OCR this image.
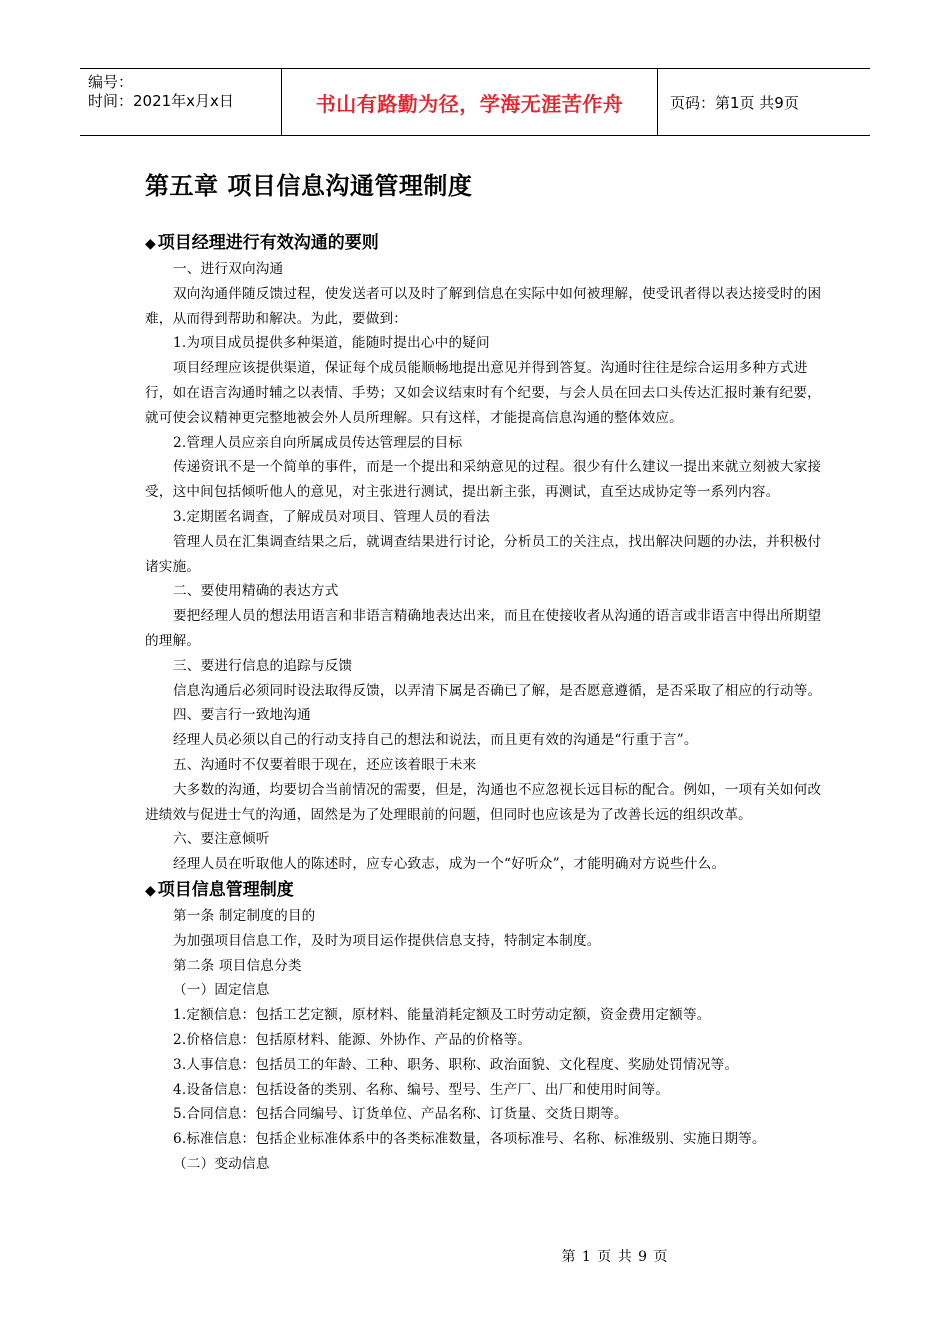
编号：
时间：2021年x月x日	书山有路勤为径，学海无涯苦作舟	页码：第1页 共9页
第五章 项目信息沟通管理制度
◆ 项目经理进行有效沟通的要则

一、进行双向沟通

双向沟通伴随反馈过程，使发送者可以及时了解到信息在实际中如何被理解，使受讯者得以表达接受时的困难，从而得到帮助和解决。为此，要做到：

1.为项目成员提供多种渠道，能随时提出心中的疑问

项目经理应该提供渠道，保证每个成员能顺畅地提出意见并得到答复。沟通时往往是综合运用多种方式进行，如在语言沟通时辅之以表情、手势；又如会议结束时有个纪要，与会人员在回去口头传达汇报时兼有纪要，就可使会议精神更完整地被会外人员所理解。只有这样，才能提高信息沟通的整体效应。

2.管理人员应亲自向所属成员传达管理层的目标

传递资讯不是一个简单的事件，而是一个提出和采纳意见的过程。很少有什么建议一提出来就立刻被大家接受，这中间包括倾听他人的意见，对主张进行测试，提出新主张，再测试，直至达成协定等一系列内容。

3.定期匿名调查，了解成员对项目、管理人员的看法

管理人员在汇集调查结果之后，就调查结果进行讨论，分析员工的关注点，找出解决问题的办法，并积极付诸实施。

二、要使用精确的表达方式

要把经理人员的想法用语言和非语言精确地表达出来，而且在使接收者从沟通的语言或非语言中得出所期望的理解。

三、要进行信息的追踪与反馈

信息沟通后必须同时设法取得反馈，以弄清下属是否确已了解，是否愿意遵循，是否采取了相应的行动等。

四、要言行一致地沟通

经理人员必须以自己的行动支持自己的想法和说法，而且更有效的沟通是“行重于言”。

五、沟通时不仅要着眼于现在，还应该着眼于未来

大多数的沟通，均要切合当前情况的需要，但是，沟通也不应忽视长远目标的配合。例如，一项有关如何改进绩效与促进士气的沟通，固然是为了处理眼前的问题，但同时也应该是为了改善长远的组织改革。

六、要注意倾听

经理人员在听取他人的陈述时，应专心致志，成为一个“好听众”，才能明确对方说些什么。

◆ 项目信息管理制度

第一条 制定制度的目的

为加强项目信息工作，及时为项目运作提供信息支持，特制定本制度。

第二条 项目信息分类

（一）固定信息

1.定额信息：包括工艺定额，原材料、能量消耗定额及工时劳动定额，资金费用定额等。

2.价格信息：包括原材料、能源、外协作、产品的价格等。

3.人事信息：包括员工的年龄、工种、职务、职称、政治面貌、文化程度、奖励处罚情况等。

4.设备信息：包括设备的类别、名称、编号、型号、生产厂、出厂和使用时间等。

5.合同信息：包括合同编号、订货单位、产品名称、订货量、交货日期等。

6.标准信息：包括企业标准体系中的各类标准数量，各项标准号、名称、标准级别、实施日期等。

（二）变动信息

第 1 页 共 9 页
